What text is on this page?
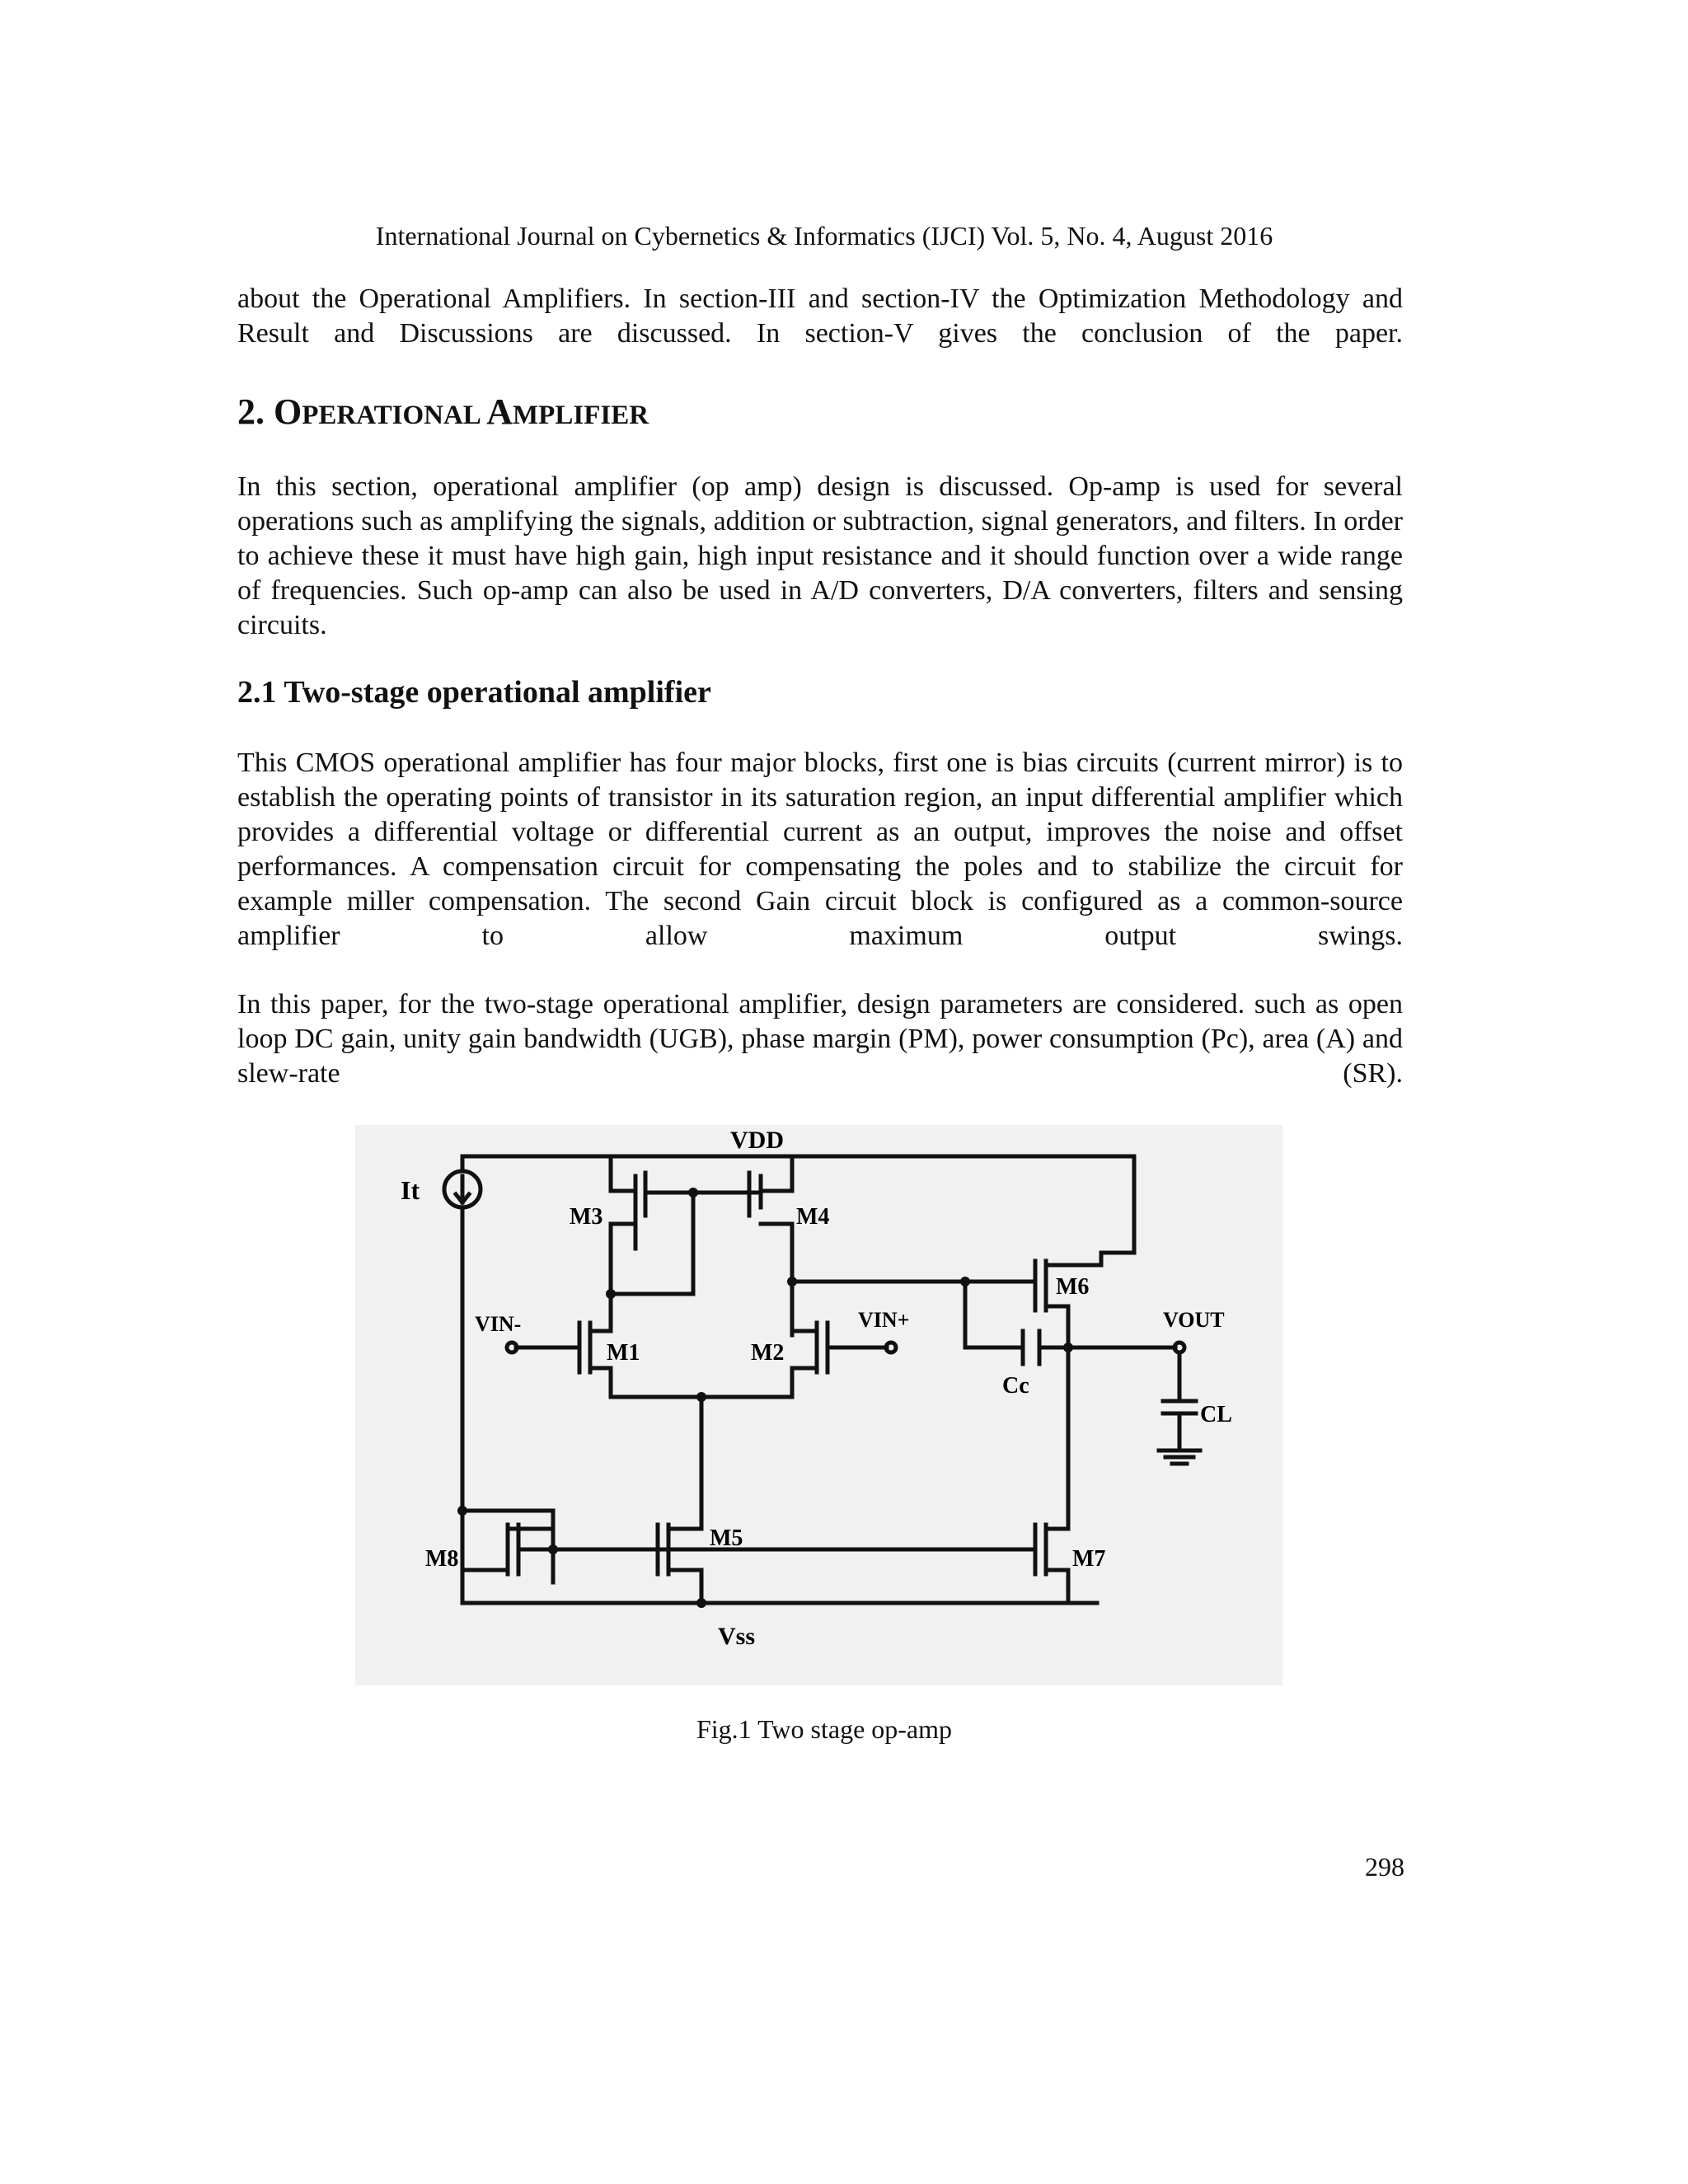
International Journal on Cybernetics & Informatics (IJCI) Vol. 5, No. 4, August 2016

about the Operational Amplifiers. In section-III and section-IV the Optimization Methodology and Result and Discussions are discussed. In section-V gives the conclusion of the paper.

2. OPERATIONAL AMPLIFIER

In this section, operational amplifier (op amp) design is discussed. Op-amp is used for several operations such as amplifying the signals, addition or subtraction, signal generators, and filters. In order to achieve these it must have high gain, high input resistance and it should function over a wide range of frequencies. Such op-amp can also be used in A/D converters, D/A converters, filters and sensing circuits.

2.1 Two-stage operational amplifier

This CMOS operational amplifier has four major blocks, first one is bias circuits (current mirror) is to establish the operating points of transistor in its saturation region, an input differential amplifier which provides a differential voltage or differential current as an output, improves the noise and offset performances. A compensation circuit for compensating the poles and to stabilize the circuit for example miller compensation. The second Gain circuit block is configured as a common-source amplifier to allow maximum output swings.

In this paper, for the two-stage operational amplifier, design parameters are considered. such as open loop DC gain, unity gain bandwidth (UGB), phase margin (PM), power consumption (Pc), area (A) and slew-rate (SR).

VDD
Vss
It
M3	M4
M6
VIN-
M1	M2
VIN+	VOUT
Cc
CL
M8
M5
M7
Fig.1 Two stage op-amp
298
